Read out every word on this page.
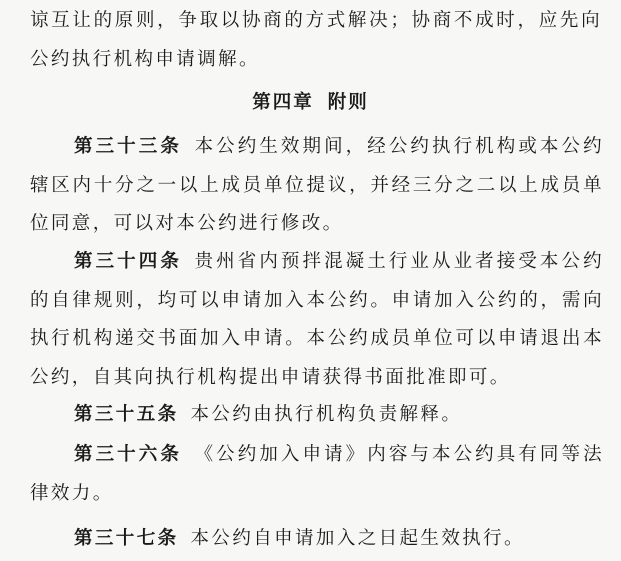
谅互让的原则，争取以协商的方式解决；协商不成时，应先向公约执行机构申请调解。

第四章 附则

第三十三条 本公约生效期间，经公约执行机构或本公约辖区内十分之一以上成员单位提议，并经三分之二以上成员单位同意，可以对本公约进行修改。

第三十四条 贵州省内预拌混凝土行业从业者接受本公约的自律规则，均可以申请加入本公约。申请加入公约的，需向执行机构递交书面加入申请。本公约成员单位可以申请退出本公约，自其向执行机构提出申请获得书面批准即可。

第三十五条 本公约由执行机构负责解释。

第三十六条 《公约加入申请》内容与本公约具有同等法律效力。

第三十七条 本公约自申请加入之日起生效执行。
